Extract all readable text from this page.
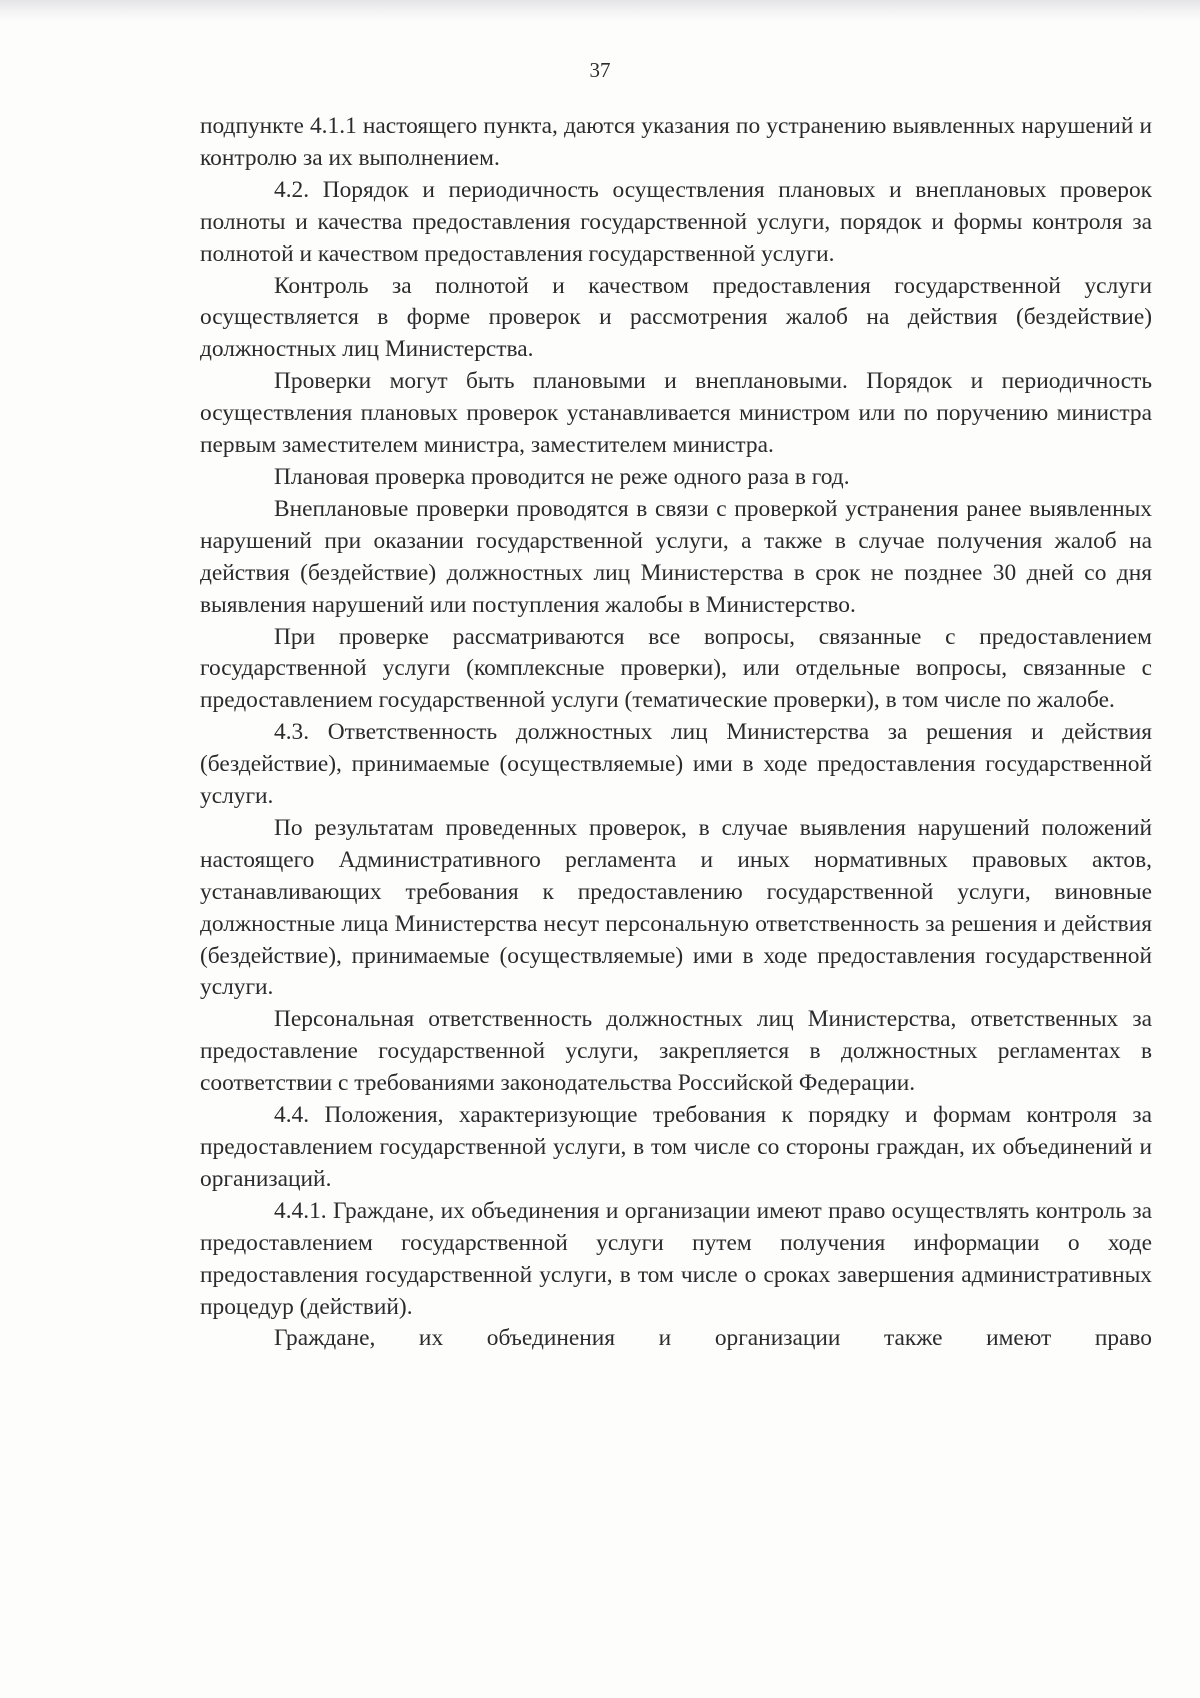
37

подпункте 4.1.1 настоящего пункта, даются указания по устранению выявленных нарушений и контролю за их выполнением.

4.2. Порядок и периодичность осуществления плановых и внеплановых проверок полноты и качества предоставления государственной услуги, порядок и формы контроля за полнотой и качеством предоставления государственной услуги.

Контроль за полнотой и качеством предоставления государственной услуги осуществляется в форме проверок и рассмотрения жалоб на действия (бездействие) должностных лиц Министерства.

Проверки могут быть плановыми и внеплановыми. Порядок и периодичность осуществления плановых проверок устанавливается министром или по поручению министра первым заместителем министра, заместителем министра.

Плановая проверка проводится не реже одного раза в год.

Внеплановые проверки проводятся в связи с проверкой устранения ранее выявленных нарушений при оказании государственной услуги, а также в случае получения жалоб на действия (бездействие) должностных лиц Министерства в срок не позднее 30 дней со дня выявления нарушений или поступления жалобы в Министерство.

При проверке рассматриваются все вопросы, связанные с предоставлением государственной услуги (комплексные проверки), или отдельные вопросы, связанные с предоставлением государственной услуги (тематические проверки), в том числе по жалобе.

4.3. Ответственность должностных лиц Министерства за решения и действия (бездействие), принимаемые (осуществляемые) ими в ходе предоставления государственной услуги.

По результатам проведенных проверок, в случае выявления нарушений положений настоящего Административного регламента и иных нормативных правовых актов, устанавливающих требования к предоставлению государственной услуги, виновные должностные лица Министерства несут персональную ответственность за решения и действия (бездействие), принимаемые (осуществляемые) ими в ходе предоставления государственной услуги.

Персональная ответственность должностных лиц Министерства, ответственных за предоставление государственной услуги, закрепляется в должностных регламентах в соответствии с требованиями законодательства Российской Федерации.

4.4. Положения, характеризующие требования к порядку и формам контроля за предоставлением государственной услуги, в том числе со стороны граждан, их объединений и организаций.

4.4.1. Граждане, их объединения и организации имеют право осуществлять контроль за предоставлением государственной услуги путем получения информации о ходе предоставления государственной услуги, в том числе о сроках завершения административных процедур (действий).

Граждане, их объединения и организации также имеют право
